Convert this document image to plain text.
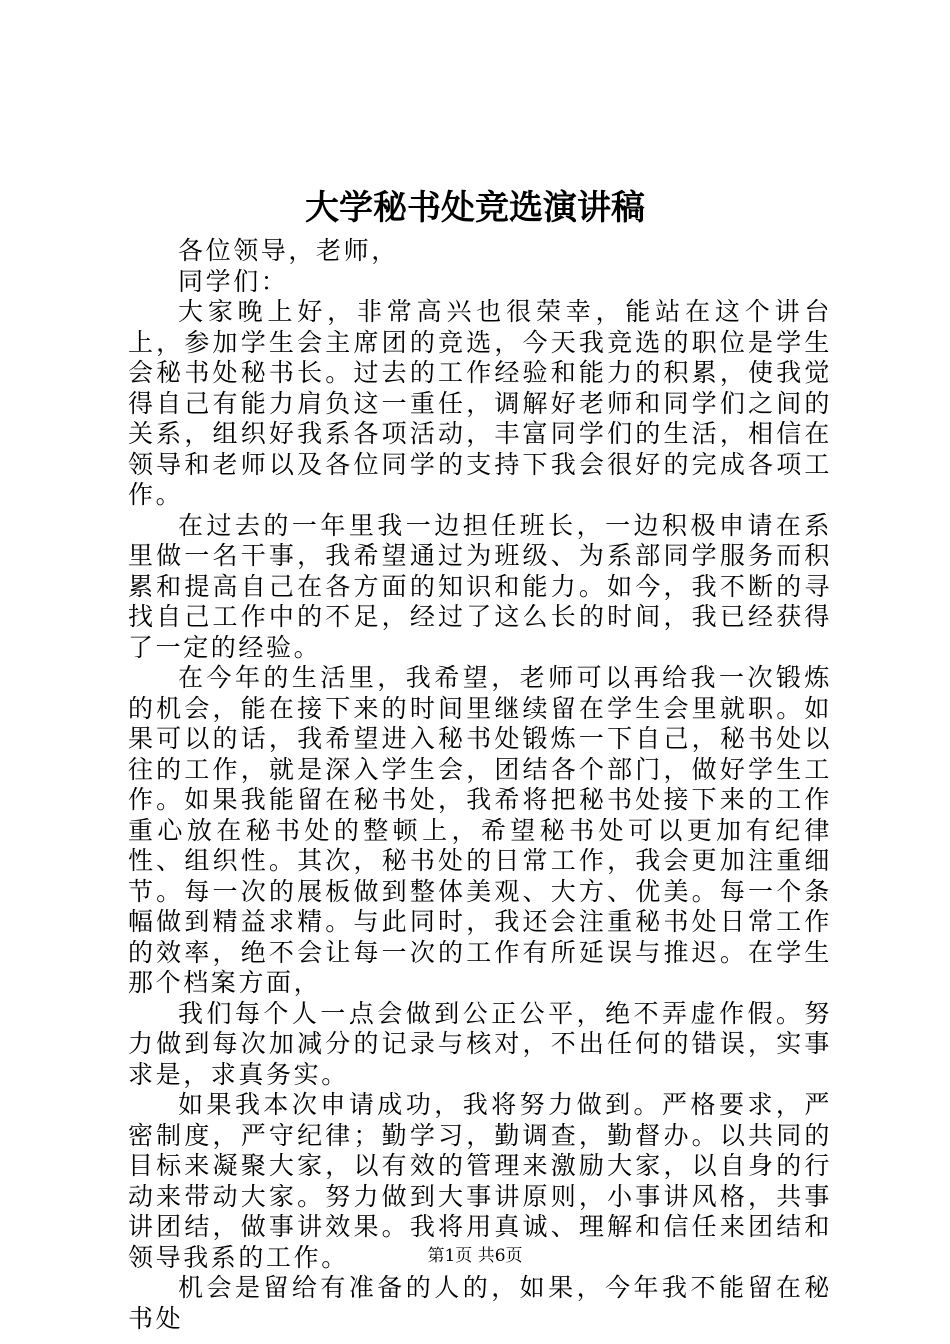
大学秘书处竞选演讲稿

各位领导，老师，

同学们：

大家晚上好，非常高兴也很荣幸，能站在这个讲台上，参加学生会主席团的竞选，今天我竞选的职位是学生会秘书处秘书长。过去的工作经验和能力的积累，使我觉得自己有能力肩负这一重任，调解好老师和同学们之间的关系，组织好我系各项活动，丰富同学们的生活，相信在领导和老师以及各位同学的支持下我会很好的完成各项工作。

在过去的一年里我一边担任班长，一边积极申请在系里做一名干事，我希望通过为班级、为系部同学服务而积累和提高自己在各方面的知识和能力。如今，我不断的寻找自己工作中的不足，经过了这么长的时间，我已经获得了一定的经验。

在今年的生活里，我希望，老师可以再给我一次锻炼的机会，能在接下来的时间里继续留在学生会里就职。如果可以的话，我希望进入秘书处锻炼一下自己，秘书处以往的工作，就是深入学生会，团结各个部门，做好学生工作。如果我能留在秘书处，我希将把秘书处接下来的工作重心放在秘书处的整顿上，希望秘书处可以更加有纪律性、组织性。其次，秘书处的日常工作，我会更加注重细节。每一次的展板做到整体美观、大方、优美。每一个条幅做到精益求精。与此同时，我还会注重秘书处日常工作的效率，绝不会让每一次的工作有所延误与推迟。在学生那个档案方面，

我们每个人一点会做到公正公平，绝不弄虚作假。努力做到每次加减分的记录与核对，不出任何的错误，实事求是，求真务实。

如果我本次申请成功，我将努力做到。严格要求，严密制度，严守纪律；勤学习，勤调查，勤督办。以共同的目标来凝聚大家，以有效的管理来激励大家，以自身的行动来带动大家。努力做到大事讲原则，小事讲风格，共事讲团结，做事讲效果。我将用真诚、理解和信任来团结和领导我系的工作。

机会是留给有准备的人的，如果，今年我不能留在秘书处

第1页 共6页
